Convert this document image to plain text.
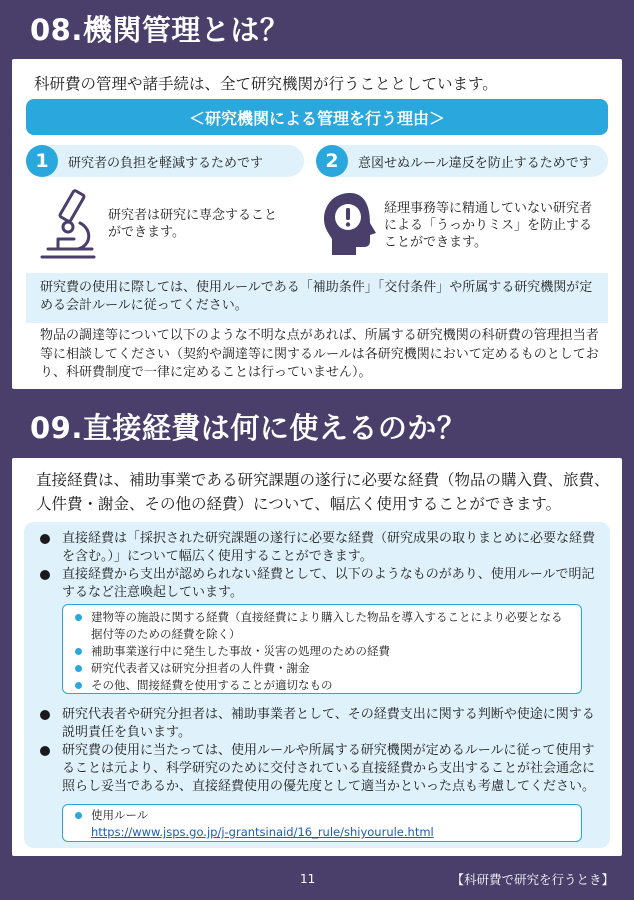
08.機関管理とは？
科研費の管理や諸手続は、全て研究機関が行うこととしています。
＜研究機関による管理を行う理由＞
1	研究者の負担を軽減するためです	2	意図せぬルール違反を防止するためです
研究者は研究に専念することができます。
経理事務等に精通していない研究者による「うっかりミス」を防止することができます。
研究費の使用に際しては、使用ルールである「補助条件」「交付条件」や所属する研究機関が定める会計ルールに従ってください。
物品の調達等について以下のような不明な点があれば、所属する研究機関の科研費の管理担当者等に相談してください（契約や調達等に関するルールは各研究機関において定めるものとしており、科研費制度で一律に定めることは行っていません）。
09.直接経費は何に使えるのか？
直接経費は、補助事業である研究課題の遂行に必要な経費（物品の購入費、旅費、人件費・謝金、その他の経費）について、幅広く使用することができます。
直接経費は「採択された研究課題の遂行に必要な経費（研究成果の取りまとめに必要な経費を含む。）」について幅広く使用することができます。
直接経費から支出が認められない経費として、以下のようなものがあり、使用ルールで明記するなど注意喚起しています。
建物等の施設に関する経費（直接経費により購入した物品を導入することにより必要となる据付等のための経費を除く）
補助事業遂行中に発生した事故・災害の処理のための経費
研究代表者又は研究分担者の人件費・謝金
その他、間接経費を使用することが適切なもの
研究代表者や研究分担者は、補助事業者として、その経費支出に関する判断や使途に関する説明責任を負います。
研究費の使用に当たっては、使用ルールや所属する研究機関が定めるルールに従って使用することは元より、科学研究のために交付されている直接経費から支出することが社会通念に照らし妥当であるか、直接経費使用の優先度として適当かといった点も考慮してください。
使用ルール
https://www.jsps.go.jp/j-grantsinaid/16_rule/shiyourule.html
11	【科研費で研究を行うとき】
